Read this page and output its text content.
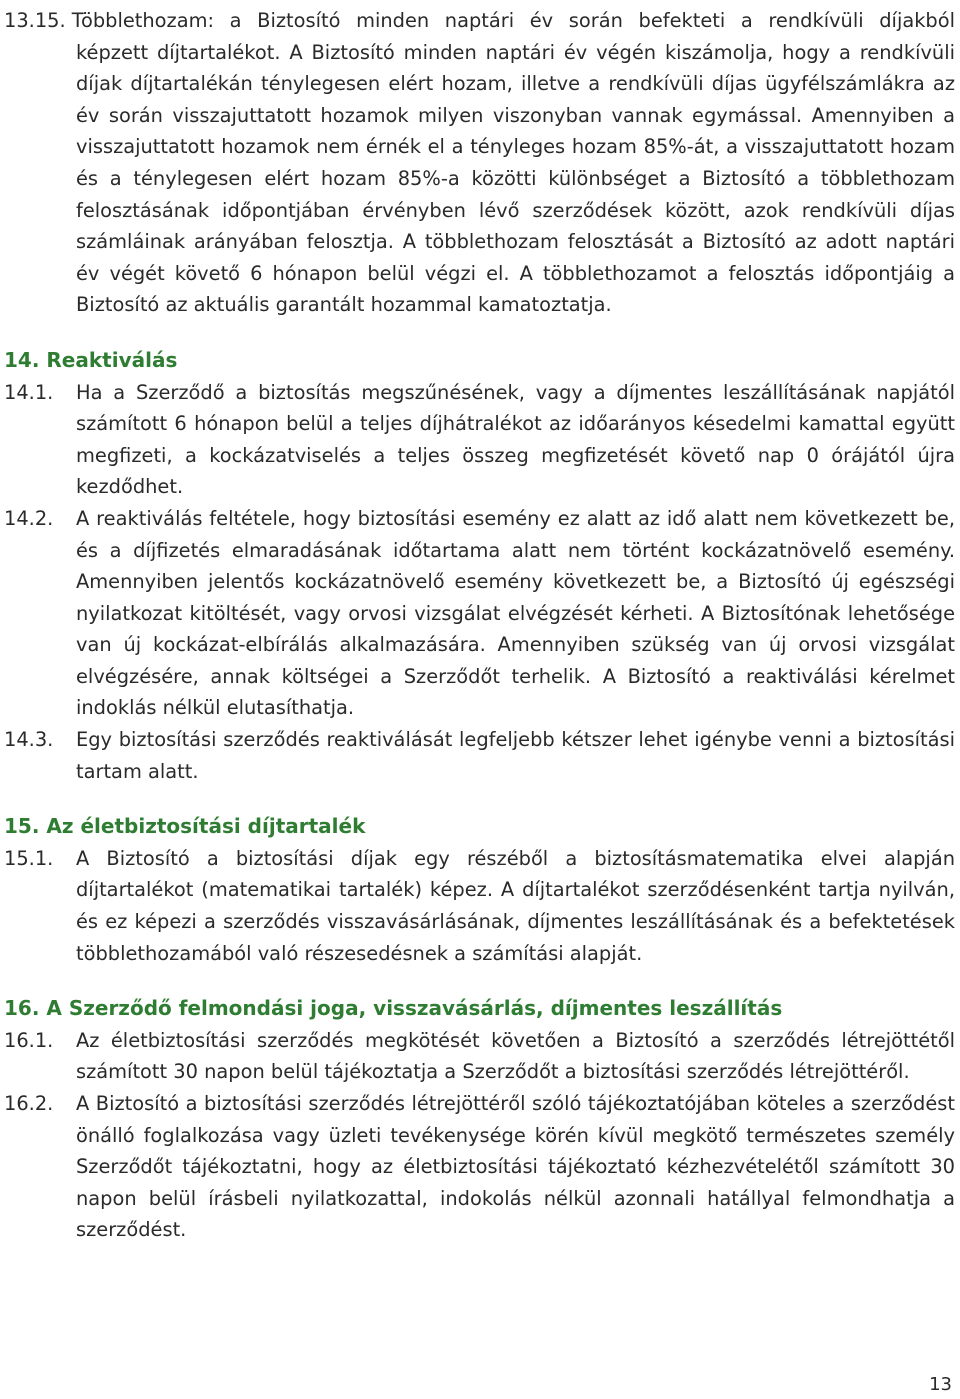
13.15. Többlethozam: a Biztosító minden naptári év során befekteti a rendkívüli díjakból
képzett díjtartalékot. A Biztosító minden naptári év végén kiszámolja, hogy a rendkívüli díjak díjtartalékán ténylegesen elért hozam, illetve a rendkívüli díjas ügyfélszámlákra az év során visszajuttatott hozamok milyen viszonyban vannak egymással. Amennyiben a visszajuttatott hozamok nem érnék el a tényleges hozam 85%-át, a visszajuttatott hozam és a ténylegesen elért hozam 85%-a közötti különbséget a Biztosító a többlethozam felosztásának időpontjában érvényben lévő szerződések között, azok rendkívüli díjas számláinak arányában felosztja. A többlethozam felosztását a Biztosító az adott naptári év végét követő 6 hónapon belül végzi el. A többlethozamot a felosztás időpontjáig a Biztosító az aktuális garantált hozammal kamatoztatja.
14. Reaktiválás
14.1.	Ha a Szerződő a biztosítás megszűnésének, vagy a díjmentes leszállításának napjától számított 6 hónapon belül a teljes díjhátralékot az időarányos késedelmi kamattal együtt megfizeti, a kockázatviselés a teljes összeg megfizetését követő nap 0 órájától újra kezdődhet.
14.2.	A reaktiválás feltétele, hogy biztosítási esemény ez alatt az idő alatt nem következett be, és a díjfizetés elmaradásának időtartama alatt nem történt kockázatnövelő esemény. Amennyiben jelentős kockázatnövelő esemény következett be, a Biztosító új egészségi nyilatkozat kitöltését, vagy orvosi vizsgálat elvégzését kérheti. A Biztosítónak lehetősége van új kockázat-elbírálás alkalmazására. Amennyiben szükség van új orvosi vizsgálat elvégzésére, annak költségei a Szerződőt terhelik. A Biztosító a reaktiválási kérelmet indoklás nélkül elutasíthatja.
14.3.	Egy biztosítási szerződés reaktiválását legfeljebb kétszer lehet igénybe venni a biztosítási tartam alatt.
15. Az életbiztosítási díjtartalék
15.1.	A Biztosító a biztosítási díjak egy részéből a biztosításmatematika elvei alapján díjtartalékot (matematikai tartalék) képez. A díjtartalékot szerződésenként tartja nyilván, és ez képezi a szerződés visszavásárlásának, díjmentes leszállításának és a befektetések többlethozamából való részesedésnek a számítási alapját.
16. A Szerződő felmondási joga, visszavásárlás, díjmentes leszállítás
16.1.	Az életbiztosítási szerződés megkötését követően a Biztosító a szerződés létrejöttétől számított 30 napon belül tájékoztatja a Szerződőt a biztosítási szerződés létrejöttéről.
16.2.	A Biztosító a biztosítási szerződés létrejöttéről szóló tájékoztatójában köteles a szerződést önálló foglalkozása vagy üzleti tevékenysége körén kívül megkötő természetes személy Szerződőt tájékoztatni, hogy az életbiztosítási tájékoztató kézhezvételétől számított 30 napon belül írásbeli nyilatkozattal, indokolás nélkül azonnali hatállyal felmondhatja a szerződést.
13
